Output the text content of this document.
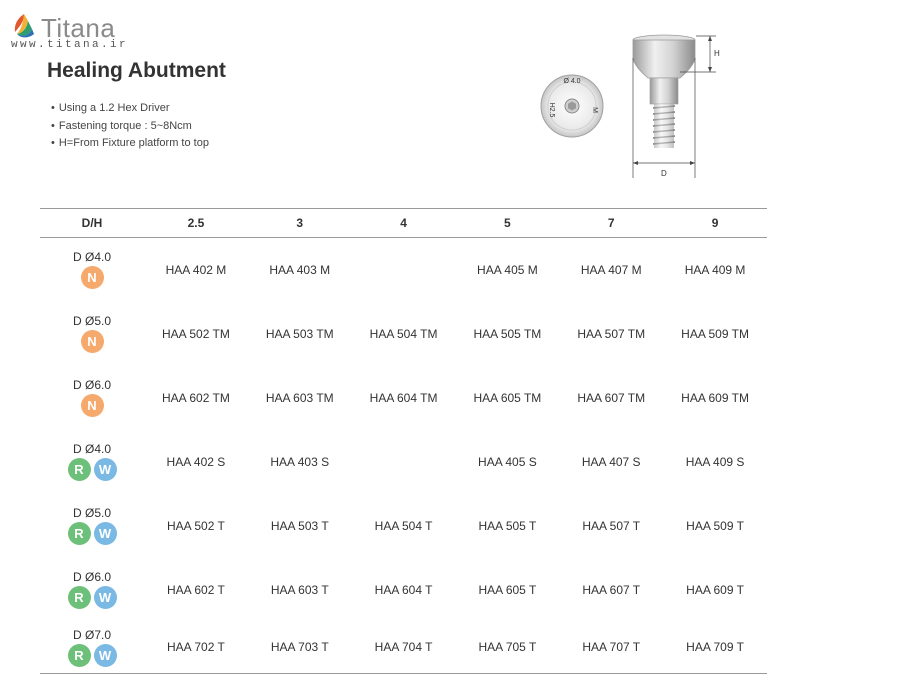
Titana
www.titana.ir
Healing Abutment
• Using a 1.2 Hex Driver
• Fastening torque : 5~8Ncm
• H=From Fixture platform to top
Ø 4.0
H2.5	M
H
D
D/H	2.5	3	4	5	7	9

D Ø4.0
N	HAA 402 M	HAA 403 M		HAA 405 M	HAA 407 M	HAA 409 M

D Ø5.0
N	HAA 502 TM	HAA 503 TM	HAA 504 TM	HAA 505 TM	HAA 507 TM	HAA 509 TM

D Ø6.0
N	HAA 602 TM	HAA 603 TM	HAA 604 TM	HAA 605 TM	HAA 607 TM	HAA 609 TM

D Ø4.0
R W	HAA 402 S	HAA 403 S		HAA 405 S	HAA 407 S	HAA 409 S

D Ø5.0
R W	HAA 502 T	HAA 503 T	HAA 504 T	HAA 505 T	HAA 507 T	HAA 509 T

D Ø6.0
R W	HAA 602 T	HAA 603 T	HAA 604 T	HAA 605 T	HAA 607 T	HAA 609 T

D Ø7.0
R W	HAA 702 T	HAA 703 T	HAA 704 T	HAA 705 T	HAA 707 T	HAA 709 T
